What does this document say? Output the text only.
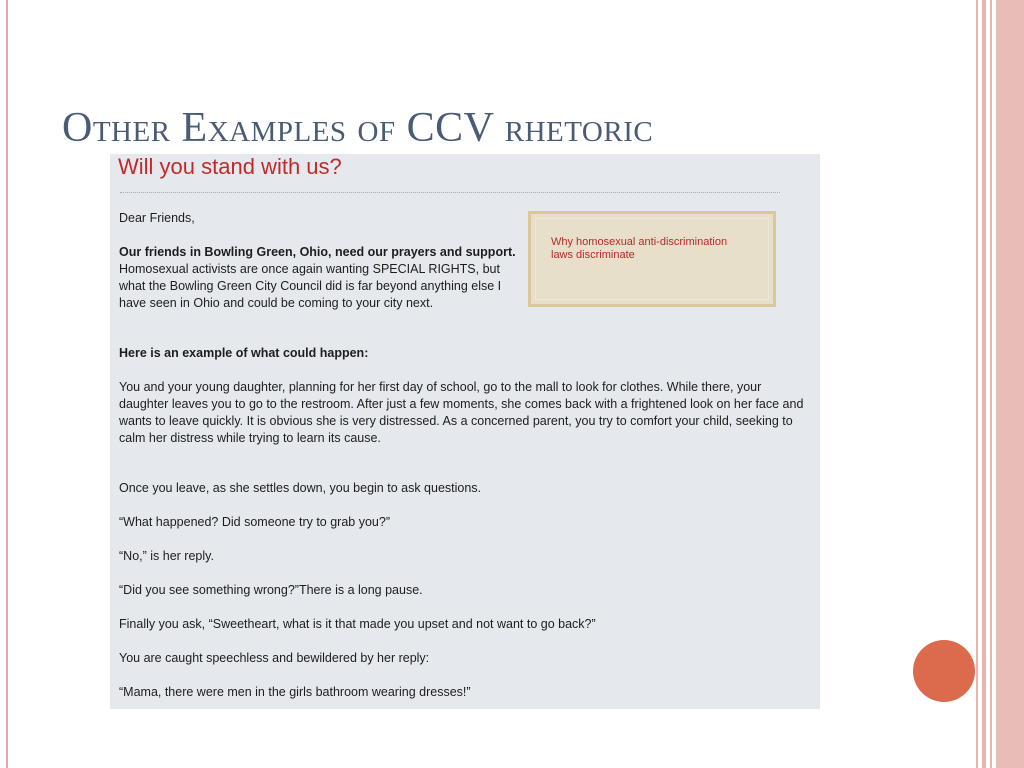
Other Examples of CCV rhetoric
Will you stand with us?
Why homosexual anti-discrimination laws discriminate

Dear Friends,

Our friends in Bowling Green, Ohio, need our prayers and support. Homosexual activists are once again wanting SPECIAL RIGHTS, but what the Bowling Green City Council did is far beyond anything else I have seen in Ohio and could be coming to your city next.

Here is an example of what could happen:

You and your young daughter, planning for her first day of school, go to the mall to look for clothes. While there, your daughter leaves you to go to the restroom. After just a few moments, she comes back with a frightened look on her face and wants to leave quickly. It is obvious she is very distressed. As a concerned parent, you try to comfort your child, seeking to calm her distress while trying to learn its cause.

Once you leave, as she settles down, you begin to ask questions.

“What happened? Did someone try to grab you?”

“No,” is her reply.

“Did you see something wrong?”There is a long pause.

Finally you ask, “Sweetheart, what is it that made you upset and not want to go back?”

You are caught speechless and bewildered by her reply:

“Mama, there were men in the girls bathroom wearing dresses!”
